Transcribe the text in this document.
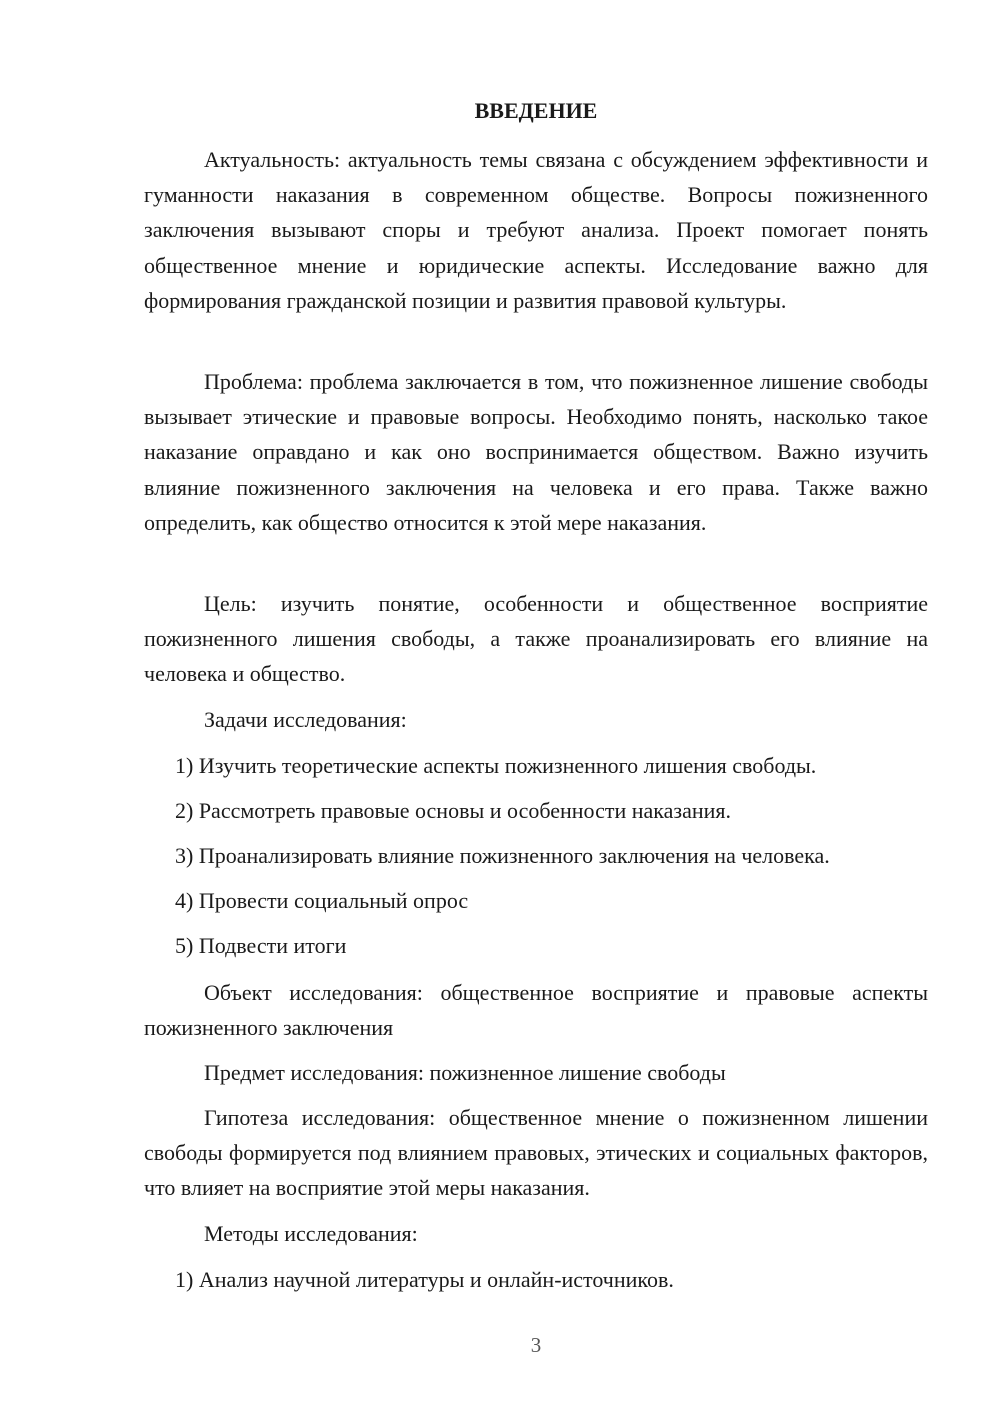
ВВЕДЕНИЕ

Актуальность: актуальность темы связана с обсуждением эффективности и гуманности наказания в современном обществе. Вопросы пожизненного заключения вызывают споры и требуют анализа. Проект помогает понять общественное мнение и юридические аспекты. Исследование важно для формирования гражданской позиции и развития правовой культуры.

Проблема: проблема заключается в том, что пожизненное лишение свободы вызывает этические и правовые вопросы. Необходимо понять, насколько такое наказание оправдано и как оно воспринимается обществом. Важно изучить влияние пожизненного заключения на человека и его права. Также важно определить, как общество относится к этой мере наказания.

Цель: изучить понятие, особенности и общественное восприятие пожизненного лишения свободы, а также проанализировать его влияние на человека и общество.

Задачи исследования:

1) Изучить теоретические аспекты пожизненного лишения свободы.

2) Рассмотреть правовые основы и особенности наказания.

3) Проанализировать влияние пожизненного заключения на человека.

4) Провести социальный опрос

5) Подвести итоги

Объект исследования: общественное восприятие и правовые аспекты пожизненного заключения

Предмет исследования: пожизненное лишение свободы

Гипотеза исследования: общественное мнение о пожизненном лишении свободы формируется под влиянием правовых, этических и социальных факторов, что влияет на восприятие этой меры наказания.

Методы исследования:

1) Анализ научной литературы и онлайн-источников.

3
